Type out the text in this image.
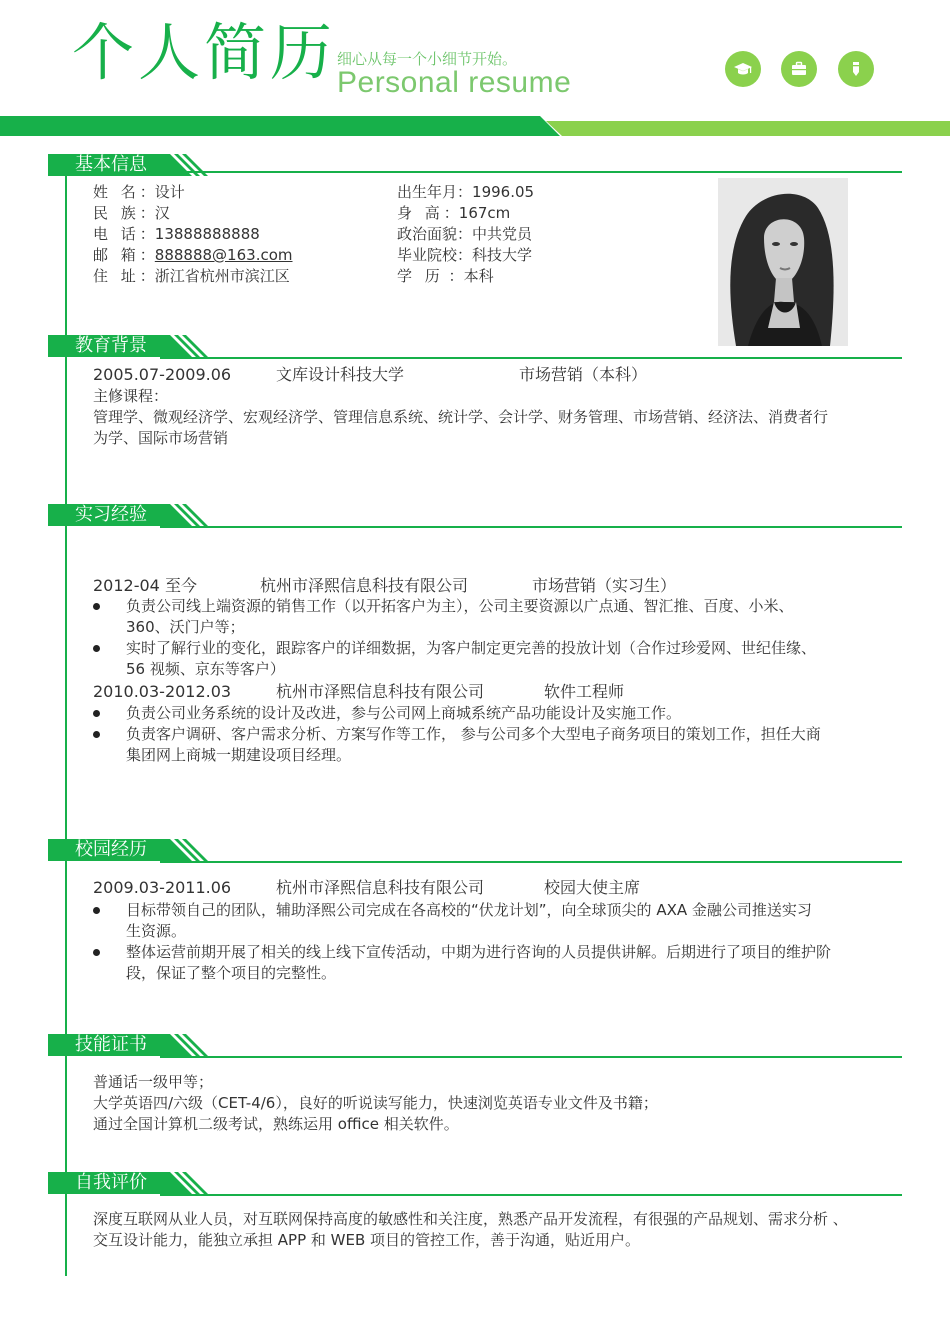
个人简历 细心从每一个小细节开始。
Personal resume
基本信息
姓 名：设计
民 族：汉
电 话：13888888888
邮 箱：888888@163.com
住 址：浙江省杭州市滨江区
出生年月：1996.05
身 高：167cm
政治面貌：中共党员
毕业院校：科技大学
学 历 ：本科
教育背景
2005.07-2009.06	文库设计科技大学	市场营销（本科）
主修课程：
管理学、微观经济学、宏观经济学、管理信息系统、统计学、会计学、财务管理、市场营销、经济法、消费者行
为学、国际市场营销
实习经验
2012-04 至今	杭州市泽熙信息科技有限公司	市场营销（实习生）
负责公司线上端资源的销售工作（以开拓客户为主），公司主要资源以广点通、智汇推、百度、小米、
360、沃门户等；
实时了解行业的变化，跟踪客户的详细数据，为客户制定更完善的投放计划（合作过珍爱网、世纪佳缘、
56 视频、京东等客户）
2010.03-2012.03	杭州市泽熙信息科技有限公司	软件工程师
负责公司业务系统的设计及改进，参与公司网上商城系统产品功能设计及实施工作。
负责客户调研、客户需求分析、方案写作等工作， 参与公司多个大型电子商务项目的策划工作，担任大商
集团网上商城一期建设项目经理。
校园经历
2009.03-2011.06	杭州市泽熙信息科技有限公司	校园大使主席
目标带领自己的团队，辅助泽熙公司完成在各高校的“伏龙计划”，向全球顶尖的 AXA 金融公司推送实习
生资源。
整体运营前期开展了相关的线上线下宣传活动，中期为进行咨询的人员提供讲解。后期进行了项目的维护阶
段，保证了整个项目的完整性。
技能证书
普通话一级甲等；
大学英语四/六级（CET-4/6），良好的听说读写能力，快速浏览英语专业文件及书籍；
通过全国计算机二级考试，熟练运用 office 相关软件。
自我评价
深度互联网从业人员，对互联网保持高度的敏感性和关注度，熟悉产品开发流程，有很强的产品规划、需求分析 、
交互设计能力，能独立承担 APP 和 WEB 项目的管控工作，善于沟通，贴近用户。
